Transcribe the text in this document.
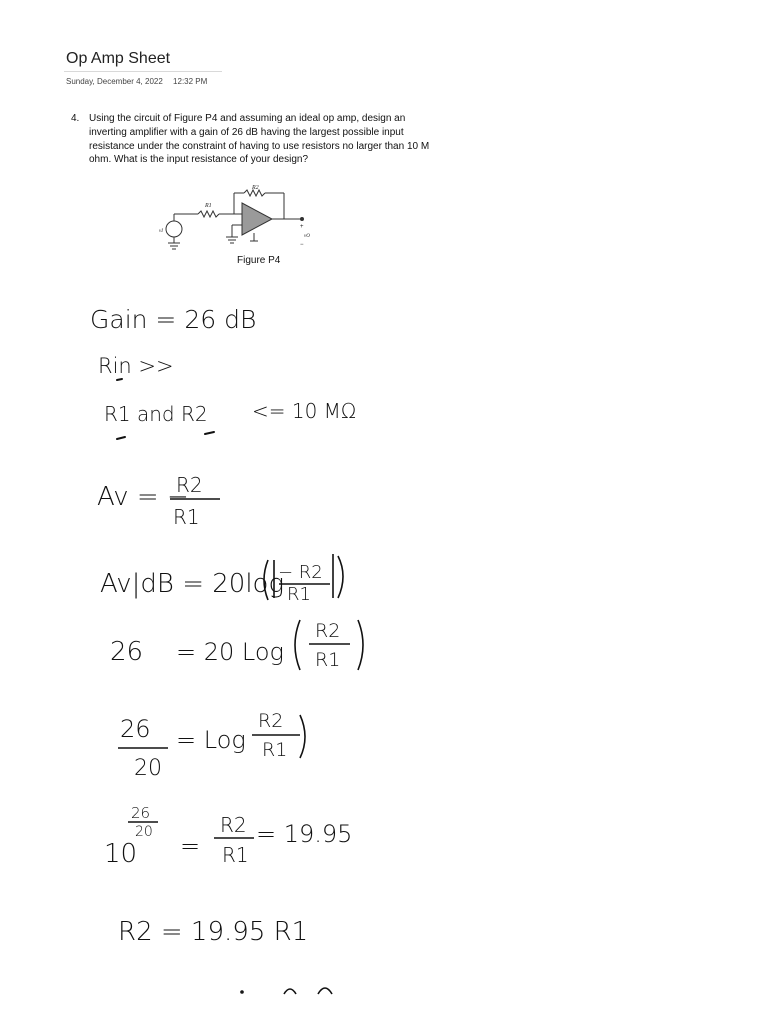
Op Amp Sheet
Sunday, December 4, 2022 12:32 PM
4. Using the circuit of Figure P4 and assuming an ideal op amp, design an inverting amplifier with a gain of 26 dB having the largest possible input resistance under the constraint of having to use resistors no larger than 10 M ohm. What is the input resistance of your design?
R2
R1
vI
+
vO
−
Figure P4
Gain = 26 dB
Rin >>
R1 and R2 <= 10 MΩ
Av = −
R2
R1
Av|dB = 20log
− R2
R1
26 = 20 Log
R2
R1
26
20
= Log
R2
R1
10
26
20 =
R2
R1
= 19.95
R2 = 19.95 R1
